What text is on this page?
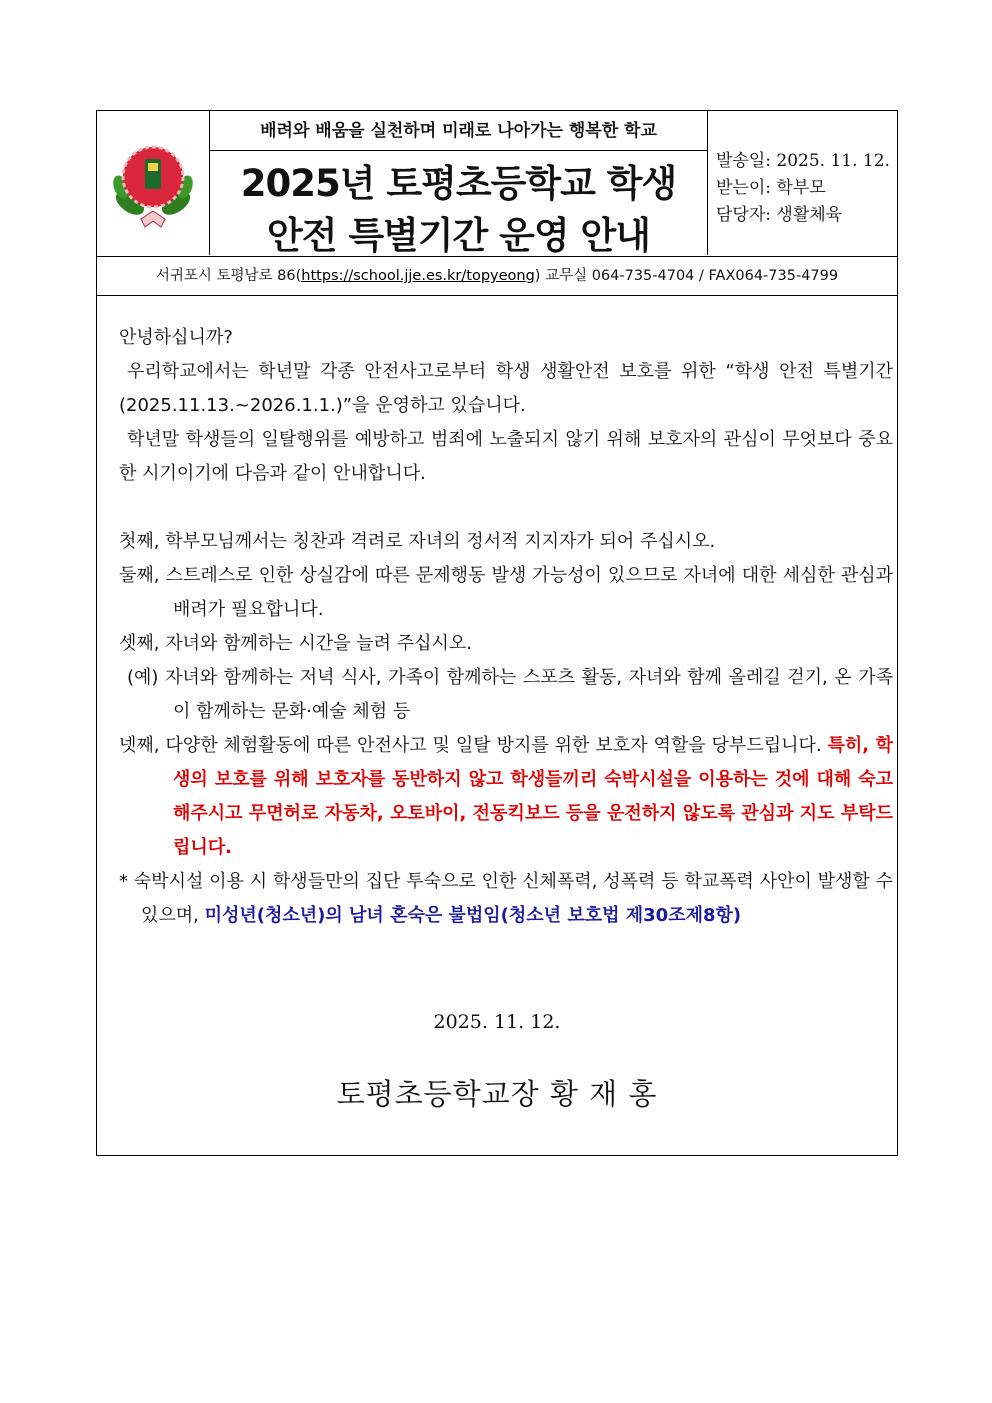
배려와 배움을 실천하며 미래로 나아가는 행복한 학교
2025년 토평초등학교 학생
안전 특별기간 운영 안내
발송일: 2025. 11. 12.
받는이: 학부모
담당자: 생활체육
서귀포시 토평남로 86(https://school.jje.es.kr/topyeong) 교무실 064-735-4704 / FAX064-735-4799

안녕하십니까?

우리학교에서는 학년말 각종 안전사고로부터 학생 생활안전 보호를 위한 “학생 안전 특별기간(2025.11.13.~2026.1.1.)”을 운영하고 있습니다.

학년말 학생들의 일탈행위를 예방하고 범죄에 노출되지 않기 위해 보호자의 관심이 무엇보다 중요한 시기이기에 다음과 같이 안내합니다.

첫째, 학부모님께서는 칭찬과 격려로 자녀의 정서적 지지자가 되어 주십시오.

둘째, 스트레스로 인한 상실감에 따른 문제행동 발생 가능성이 있으므로 자녀에 대한 세심한 관심과 배려가 필요합니다.

셋째, 자녀와 함께하는 시간을 늘려 주십시오.

(예) 자녀와 함께하는 저녁 식사, 가족이 함께하는 스포츠 활동, 자녀와 함께 올레길 걷기, 온 가족이 함께하는 문화·예술 체험 등

넷째, 다양한 체험활동에 따른 안전사고 및 일탈 방지를 위한 보호자 역할을 당부드립니다. 특히, 학생의 보호를 위해 보호자를 동반하지 않고 학생들끼리 숙박시설을 이용하는 것에 대해 숙고해주시고 무면허로 자동차, 오토바이, 전동킥보드 등을 운전하지 않도록 관심과 지도 부탁드립니다.

* 숙박시설 이용 시 학생들만의 집단 투숙으로 인한 신체폭력, 성폭력 등 학교폭력 사안이 발생할 수 있으며, 미성년(청소년)의 남녀 혼숙은 불법임(청소년 보호법 제30조제8항)

2025. 11. 12.
토평초등학교장 황 재 홍
